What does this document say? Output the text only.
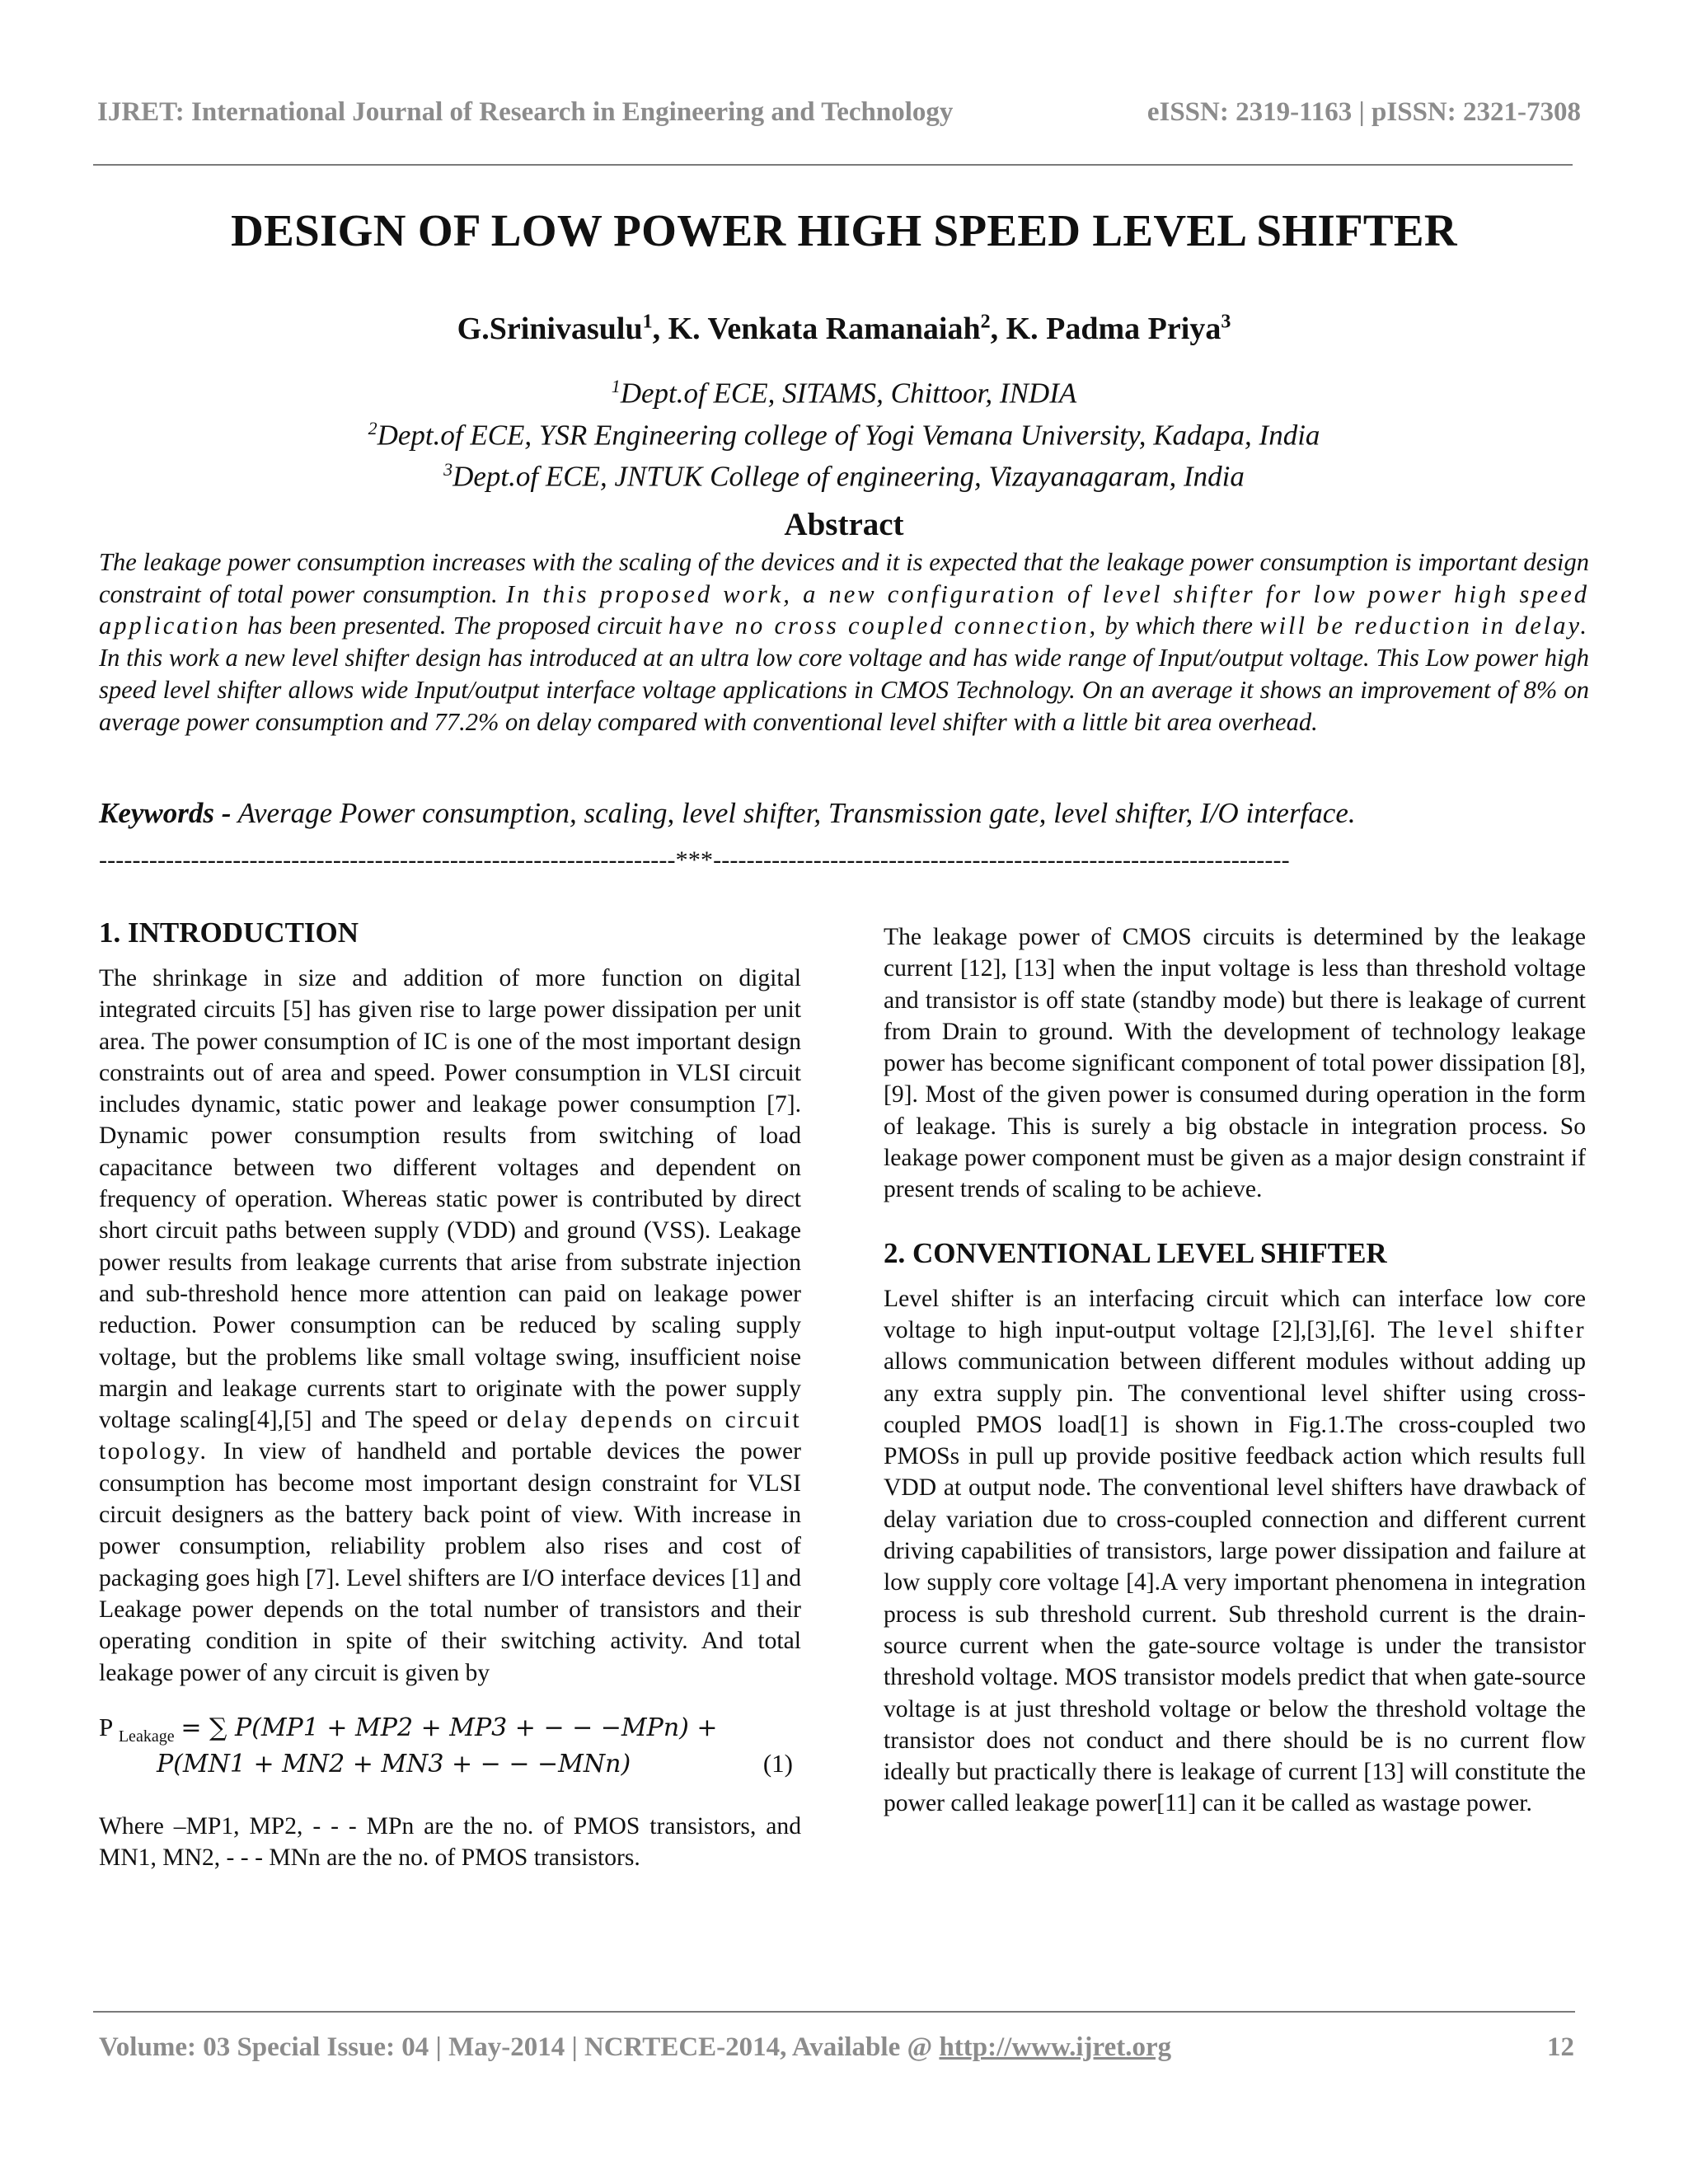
IJRET: International Journal of Research in Engineering and Technology	eISSN: 2319-1163 | pISSN: 2321-7308
DESIGN OF LOW POWER HIGH SPEED LEVEL SHIFTER
G.Srinivasulu$^1$, K. Venkata Ramanaiah$^2$, K. Padma Priya$^3$
$^1$Dept.of ECE, SITAMS, Chittoor, INDIA
$^2$Dept.of ECE, YSR Engineering college of Yogi Vemana University, Kadapa, India
$^3$Dept.of ECE, JNTUK College of engineering, Vizayanagaram, India
Abstract
The leakage power consumption increases with the scaling of the devices and it is expected that the leakage power consumption is important design constraint of total power consumption. In this proposed work, a new configuration of level shifter for low power high speed application has been presented. The proposed circuit have no cross coupled connection, by which there will be reduction in delay. In this work a new level shifter design has introduced at an ultra low core voltage and has wide range of Input/output voltage. This Low power high speed level shifter allows wide Input/output interface voltage applications in CMOS Technology. On an average it shows an improvement of 8% on average power consumption and 77.2% on delay compared with conventional level shifter with a little bit area overhead.
Keywords - Average Power consumption, scaling, level shifter, Transmission gate, level shifter, I/O interface.
---------------------------------------------------------------------***---------------------------------------------------------------------
1. INTRODUCTION

The shrinkage in size and addition of more function on digital integrated circuits [5] has given rise to large power dissipation per unit area. The power consumption of IC is one of the most important design constraints out of area and speed. Power consumption in VLSI circuit includes dynamic, static power and leakage power consumption [7]. Dynamic power consumption results from switching of load capacitance between two different voltages and dependent on frequency of operation. Whereas static power is contributed by direct short circuit paths between supply (VDD) and ground (VSS). Leakage power results from leakage currents that arise from substrate injection and sub-threshold hence more attention can paid on leakage power reduction. Power consumption can be reduced by scaling supply voltage, but the problems like small voltage swing, insufficient noise margin and leakage currents start to originate with the power supply voltage scaling[4],[5] and The speed or delay depends on circuit topology. In view of handheld and portable devices the power consumption has become most important design constraint for VLSI circuit designers as the battery back point of view. With increase in power consumption, reliability problem also rises and cost of packaging goes high [7]. Level shifters are I/O interface devices [1] and Leakage power depends on the total number of transistors and their operating condition in spite of their switching activity. And total leakage power of any circuit is given by

P $_{Leakage}$ = ∑ P(MP1 + MP2 + MP3 + − − −MPn) +
P(MN1 + MN2 + MN3 + − − −MNn)	(1)

Where –MP1, MP2, - - - MPn are the no. of PMOS transistors, and MN1, MN2, - - - MNn are the no. of PMOS transistors.

The leakage power of CMOS circuits is determined by the leakage current [12], [13] when the input voltage is less than threshold voltage and transistor is off state (standby mode) but there is leakage of current from Drain to ground. With the development of technology leakage power has become significant component of total power dissipation [8], [9]. Most of the given power is consumed during operation in the form of leakage. This is surely a big obstacle in integration process. So leakage power component must be given as a major design constraint if present trends of scaling to be achieve.

2. CONVENTIONAL LEVEL SHIFTER

Level shifter is an interfacing circuit which can interface low core voltage to high input-output voltage [2],[3],[6]. The level shifter allows communication between different modules without adding up any extra supply pin. The conventional level shifter using cross-coupled PMOS load[1] is shown in Fig.1.The cross-coupled two PMOSs in pull up provide positive feedback action which results full VDD at output node. The conventional level shifters have drawback of delay variation due to cross-coupled connection and different current driving capabilities of transistors, large power dissipation and failure at low supply core voltage [4].A very important phenomena in integration process is sub threshold current. Sub threshold current is the drain-source current when the gate-source voltage is under the transistor threshold voltage. MOS transistor models predict that when gate-source voltage is at just threshold voltage or below the threshold voltage the transistor does not conduct and there should be is no current flow ideally but practically there is leakage of current [13] will constitute the power called leakage power[11] can it be called as wastage power.

Volume: 03 Special Issue: 04 | May-2014 | NCRTECE-2014, Available @ http://www.ijret.org	12
